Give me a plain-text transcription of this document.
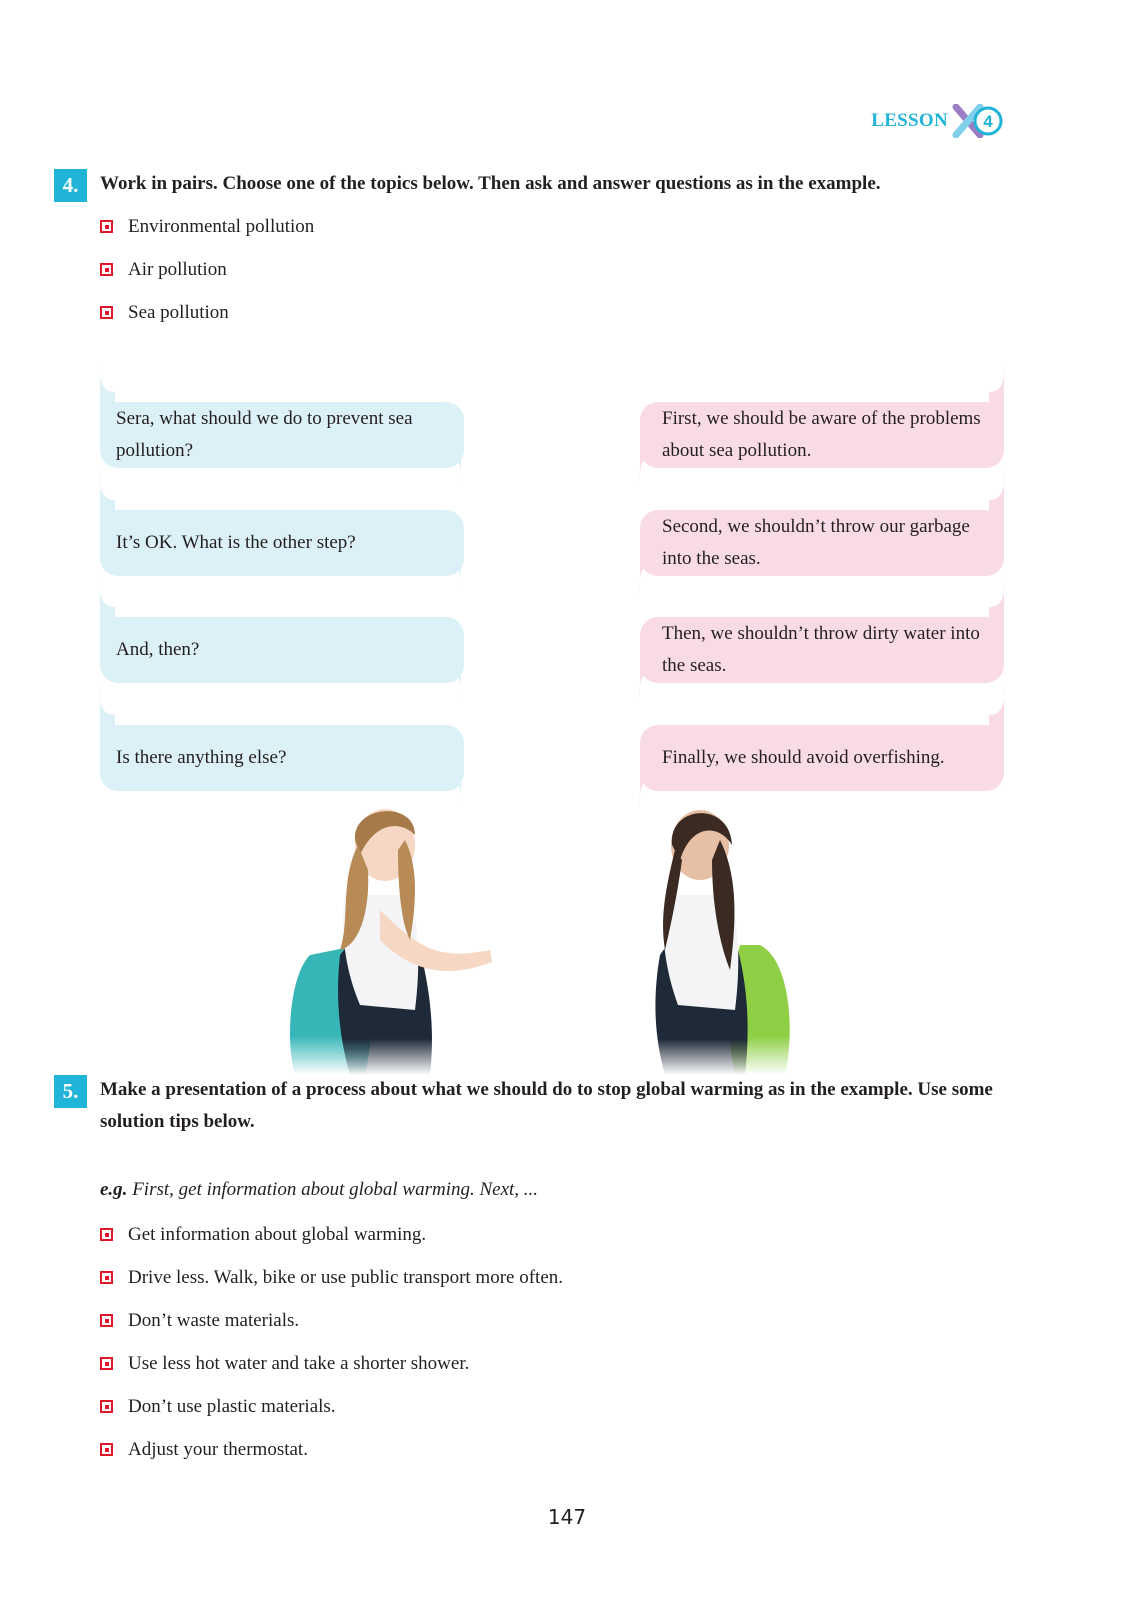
LESSON 4
4.	Work in pairs. Choose one of the topics below. Then ask and answer questions as in the example.
Environmental pollution
Air pollution
Sea pollution
Sera, what should we do to prevent sea pollution?
It’s OK. What is the other step?
And, then?
Is there anything else?
First, we should be aware of the problems about sea pollution.
Second, we shouldn’t throw our garbage into the seas.
Then, we shouldn’t throw dirty water into the seas.
Finally, we should avoid overfishing.
5.	Make a presentation of a process about what we should do to stop global warming as in the example. Use some solution tips below.
e.g. First, get information about global warming. Next, ...
Get information about global warming.
Drive less. Walk, bike or use public transport more often.
Don’t waste materials.
Use less hot water and take a shorter shower.
Don’t use plastic materials.
Adjust your thermostat.
147
